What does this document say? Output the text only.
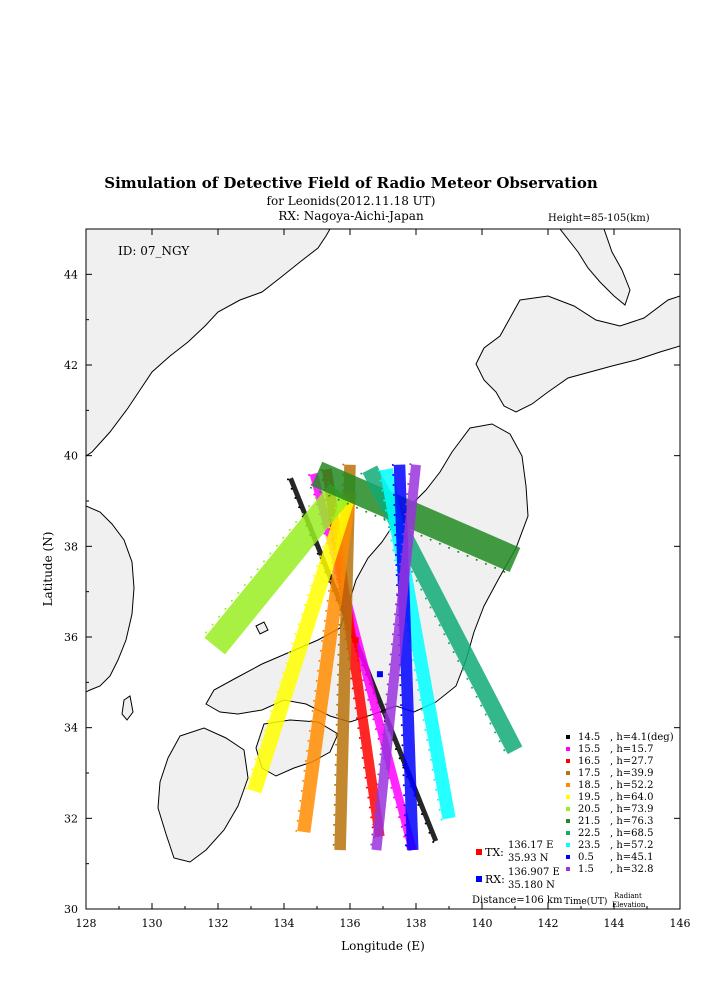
Simulation of Detective Field of Radio Meteor Observation
for Leonids(2012.11.18 UT)
RX: Nagoya-Aichi-Japan	Height=85-105(km)
128	130	132	134	136	138	140	142	144	146
30
32
34
36
38
40
42
44
ID: 07_NGY
Longitude (E)
Latitude (N)
14.5 , h=4.1(deg)
15.5 , h=15.7
16.5 , h=27.7
17.5 , h=39.9
18.5 , h=52.2
19.5 , h=64.0
20.5 , h=73.9
21.5 , h=76.3
22.5 , h=68.5
23.5 , h=57.2
0.5 , h=45.1
1.5 , h=32.8
Time(UT)
Radiant
Elevation
TX:
136.17 E
35.93 N
RX:
136.907 E
35.180 N
Distance=106 km
